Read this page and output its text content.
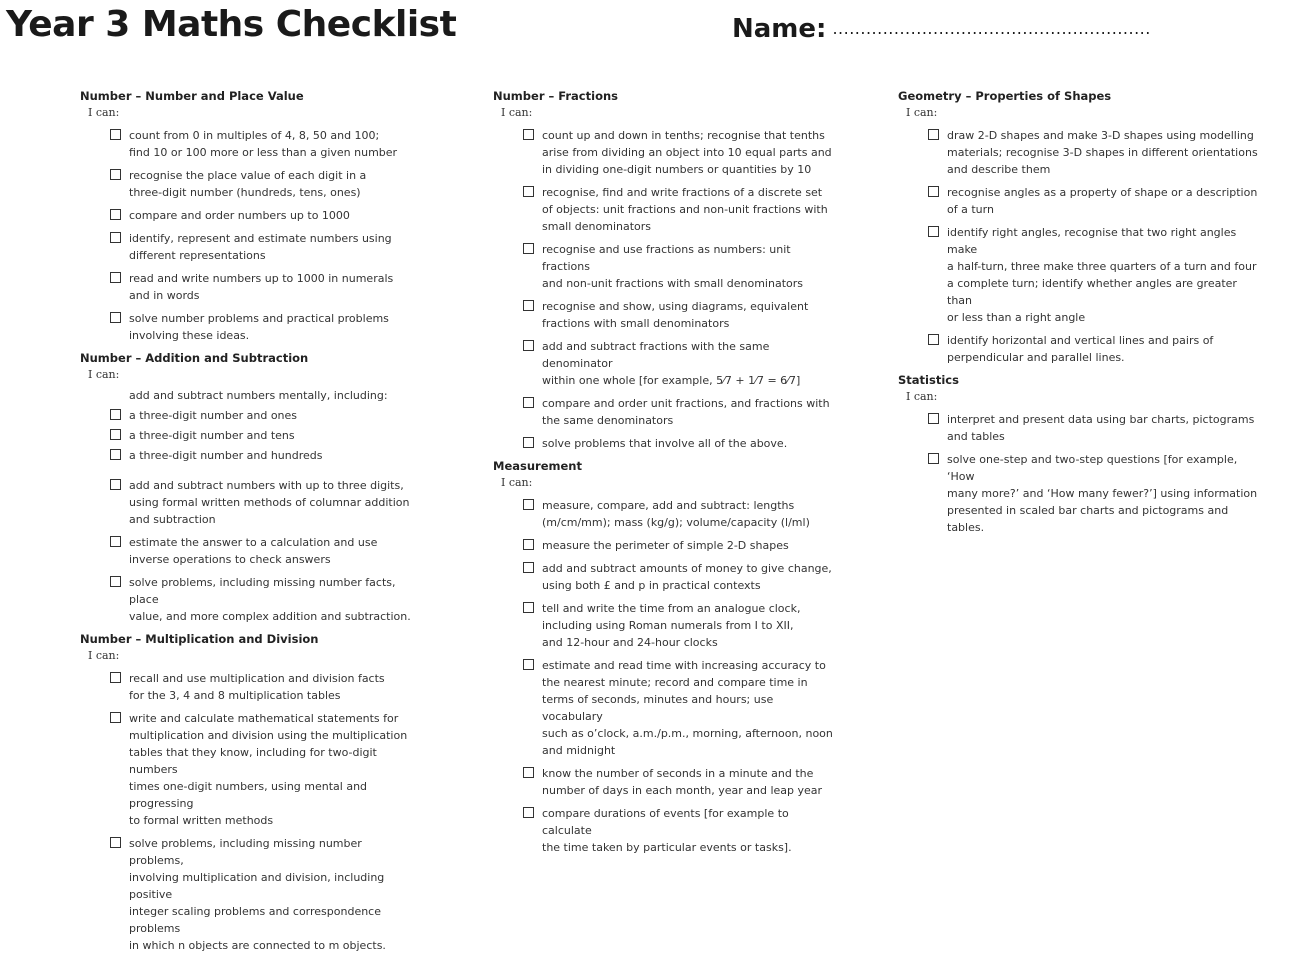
Year 3 Maths Checklist	Name: .........................................................
Number – Number and Place Value
I can:
count from 0 in multiples of 4, 8, 50 and 100;
find 10 or 100 more or less than a given number
recognise the place value of each digit in a
three-digit number (hundreds, tens, ones)
compare and order numbers up to 1000
identify, represent and estimate numbers using
different representations
read and write numbers up to 1000 in numerals
and in words
solve number problems and practical problems
involving these ideas.
Number – Addition and Subtraction
I can:
add and subtract numbers mentally, including:
a three-digit number and ones
a three-digit number and tens
a three-digit number and hundreds
add and subtract numbers with up to three digits,
using formal written methods of columnar addition
and subtraction
estimate the answer to a calculation and use
inverse operations to check answers
solve problems, including missing number facts, place
value, and more complex addition and subtraction.
Number – Multiplication and Division
I can:
recall and use multiplication and division facts
for the 3, 4 and 8 multiplication tables
write and calculate mathematical statements for
multiplication and division using the multiplication
tables that they know, including for two-digit numbers
times one-digit numbers, using mental and progressing
to formal written methods
solve problems, including missing number problems,
involving multiplication and division, including positive
integer scaling problems and correspondence problems
in which n objects are connected to m objects.
Number – Fractions
I can:
count up and down in tenths; recognise that tenths
arise from dividing an object into 10 equal parts and
in dividing one-digit numbers or quantities by 10
recognise, find and write fractions of a discrete set
of objects: unit fractions and non-unit fractions with
small denominators
recognise and use fractions as numbers: unit fractions
and non-unit fractions with small denominators
recognise and show, using diagrams, equivalent
fractions with small denominators
add and subtract fractions with the same denominator
within one whole [for example, 5⁄7 + 1⁄7 = 6⁄7]
compare and order unit fractions, and fractions with
the same denominators
solve problems that involve all of the above.
Measurement
I can:
measure, compare, add and subtract: lengths
(m/cm/mm); mass (kg/g); volume/capacity (l/ml)
measure the perimeter of simple 2-D shapes
add and subtract amounts of money to give change,
using both £ and p in practical contexts
tell and write the time from an analogue clock,
including using Roman numerals from I to XII,
and 12-hour and 24-hour clocks
estimate and read time with increasing accuracy to
the nearest minute; record and compare time in
terms of seconds, minutes and hours; use vocabulary
such as o’clock, a.m./p.m., morning, afternoon, noon
and midnight
know the number of seconds in a minute and the
number of days in each month, year and leap year
compare durations of events [for example to calculate
the time taken by particular events or tasks].
Geometry – Properties of Shapes
I can:
draw 2-D shapes and make 3-D shapes using modelling
materials; recognise 3-D shapes in different orientations
and describe them
recognise angles as a property of shape or a description
of a turn
identify right angles, recognise that two right angles make
a half-turn, three make three quarters of a turn and four
a complete turn; identify whether angles are greater than
or less than a right angle
identify horizontal and vertical lines and pairs of
perpendicular and parallel lines.
Statistics
I can:
interpret and present data using bar charts, pictograms
and tables
solve one-step and two-step questions [for example, ‘How
many more?’ and ‘How many fewer?’] using information
presented in scaled bar charts and pictograms and tables.
